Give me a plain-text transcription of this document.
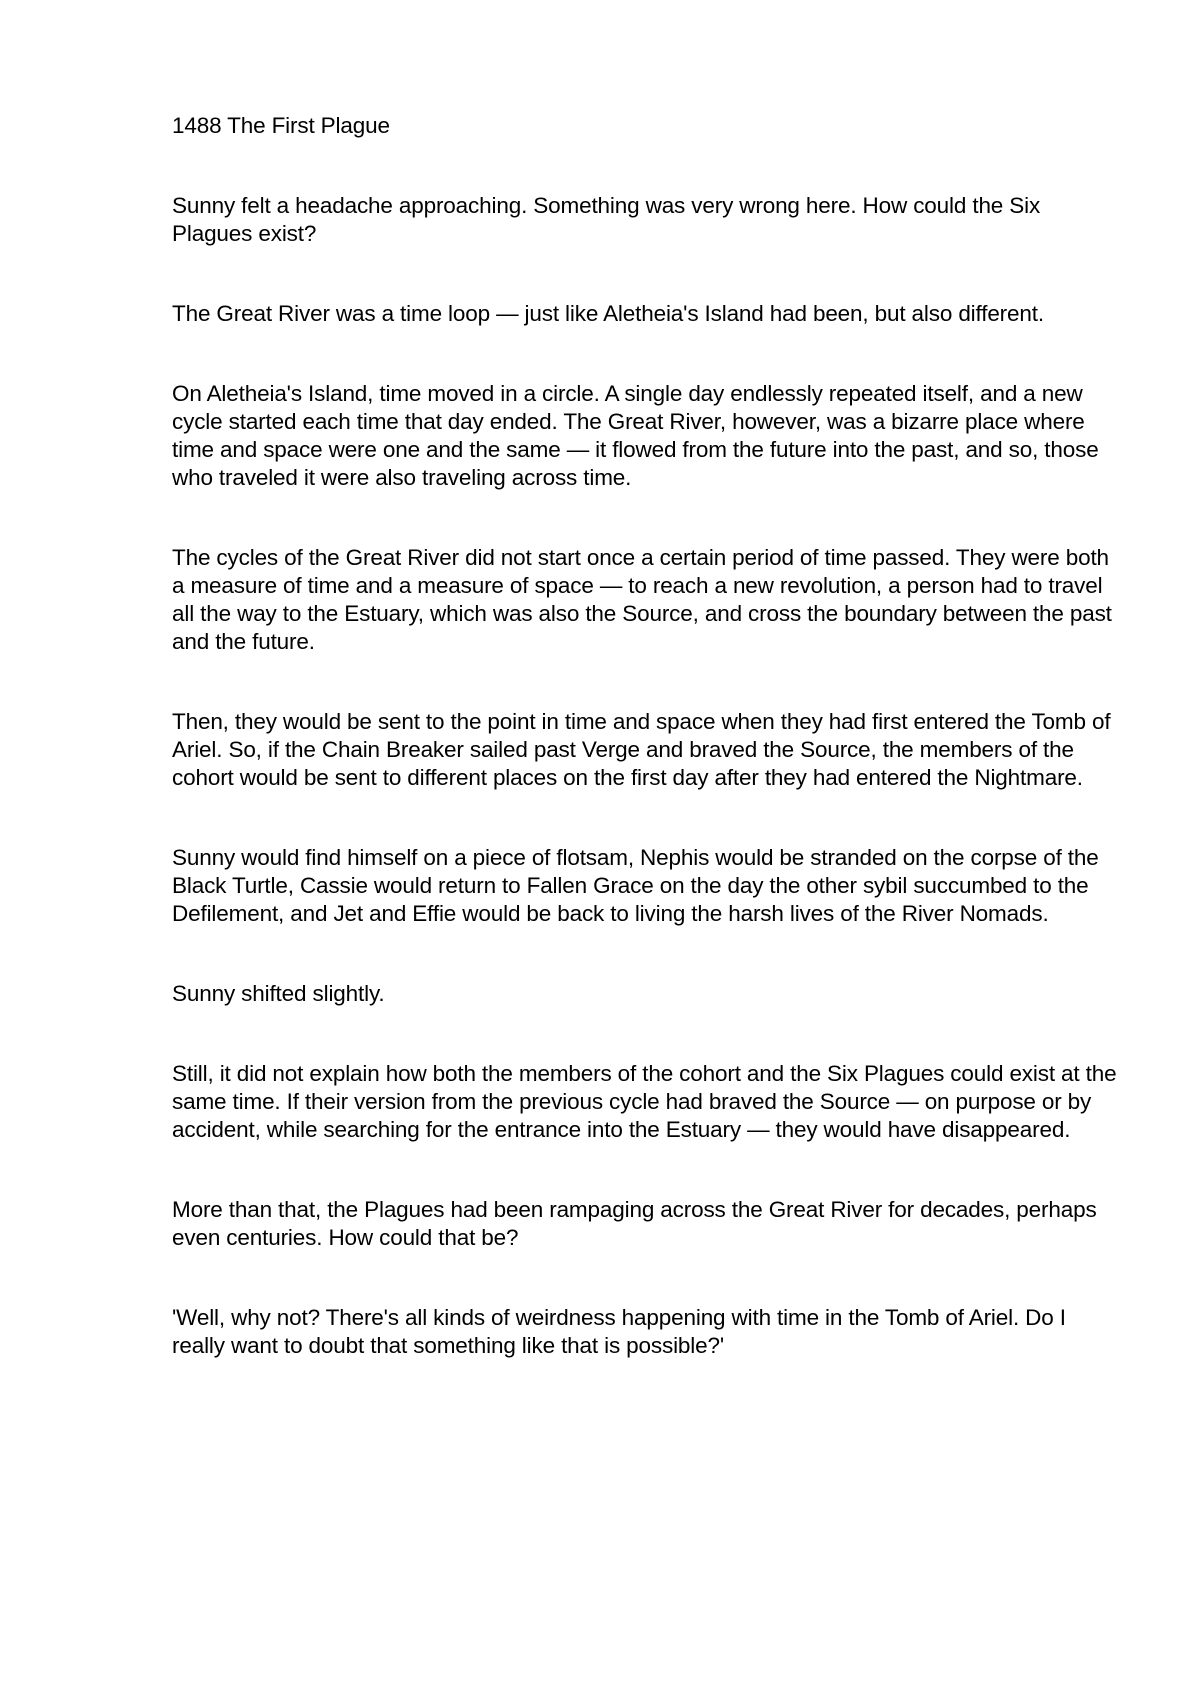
1488 The First Plague
Sunny felt a headache approaching. Something was very wrong here. How could the Six Plagues exist?
The Great River was a time loop — just like Aletheia's Island had been, but also different.
On Aletheia's Island, time moved in a circle. A single day endlessly repeated itself, and a new cycle started each time that day ended. The Great River, however, was a bizarre place where time and space were one and the same — it flowed from the future into the past, and so, those who traveled it were also traveling across time.
The cycles of the Great River did not start once a certain period of time passed. They were both a measure of time and a measure of space — to reach a new revolution, a person had to travel all the way to the Estuary, which was also the Source, and cross the boundary between the past and the future.
Then, they would be sent to the point in time and space when they had first entered the Tomb of Ariel. So, if the Chain Breaker sailed past Verge and braved the Source, the members of the cohort would be sent to different places on the first day after they had entered the Nightmare.
Sunny would find himself on a piece of flotsam, Nephis would be stranded on the corpse of the Black Turtle, Cassie would return to Fallen Grace on the day the other sybil succumbed to the Defilement, and Jet and Effie would be back to living the harsh lives of the River Nomads.
Sunny shifted slightly.
Still, it did not explain how both the members of the cohort and the Six Plagues could exist at the same time. If their version from the previous cycle had braved the Source — on purpose or by accident, while searching for the entrance into the Estuary — they would have disappeared.
More than that, the Plagues had been rampaging across the Great River for decades, perhaps even centuries. How could that be?
'Well, why not? There's all kinds of weirdness happening with time in the Tomb of Ariel. Do I really want to doubt that something like that is possible?'
